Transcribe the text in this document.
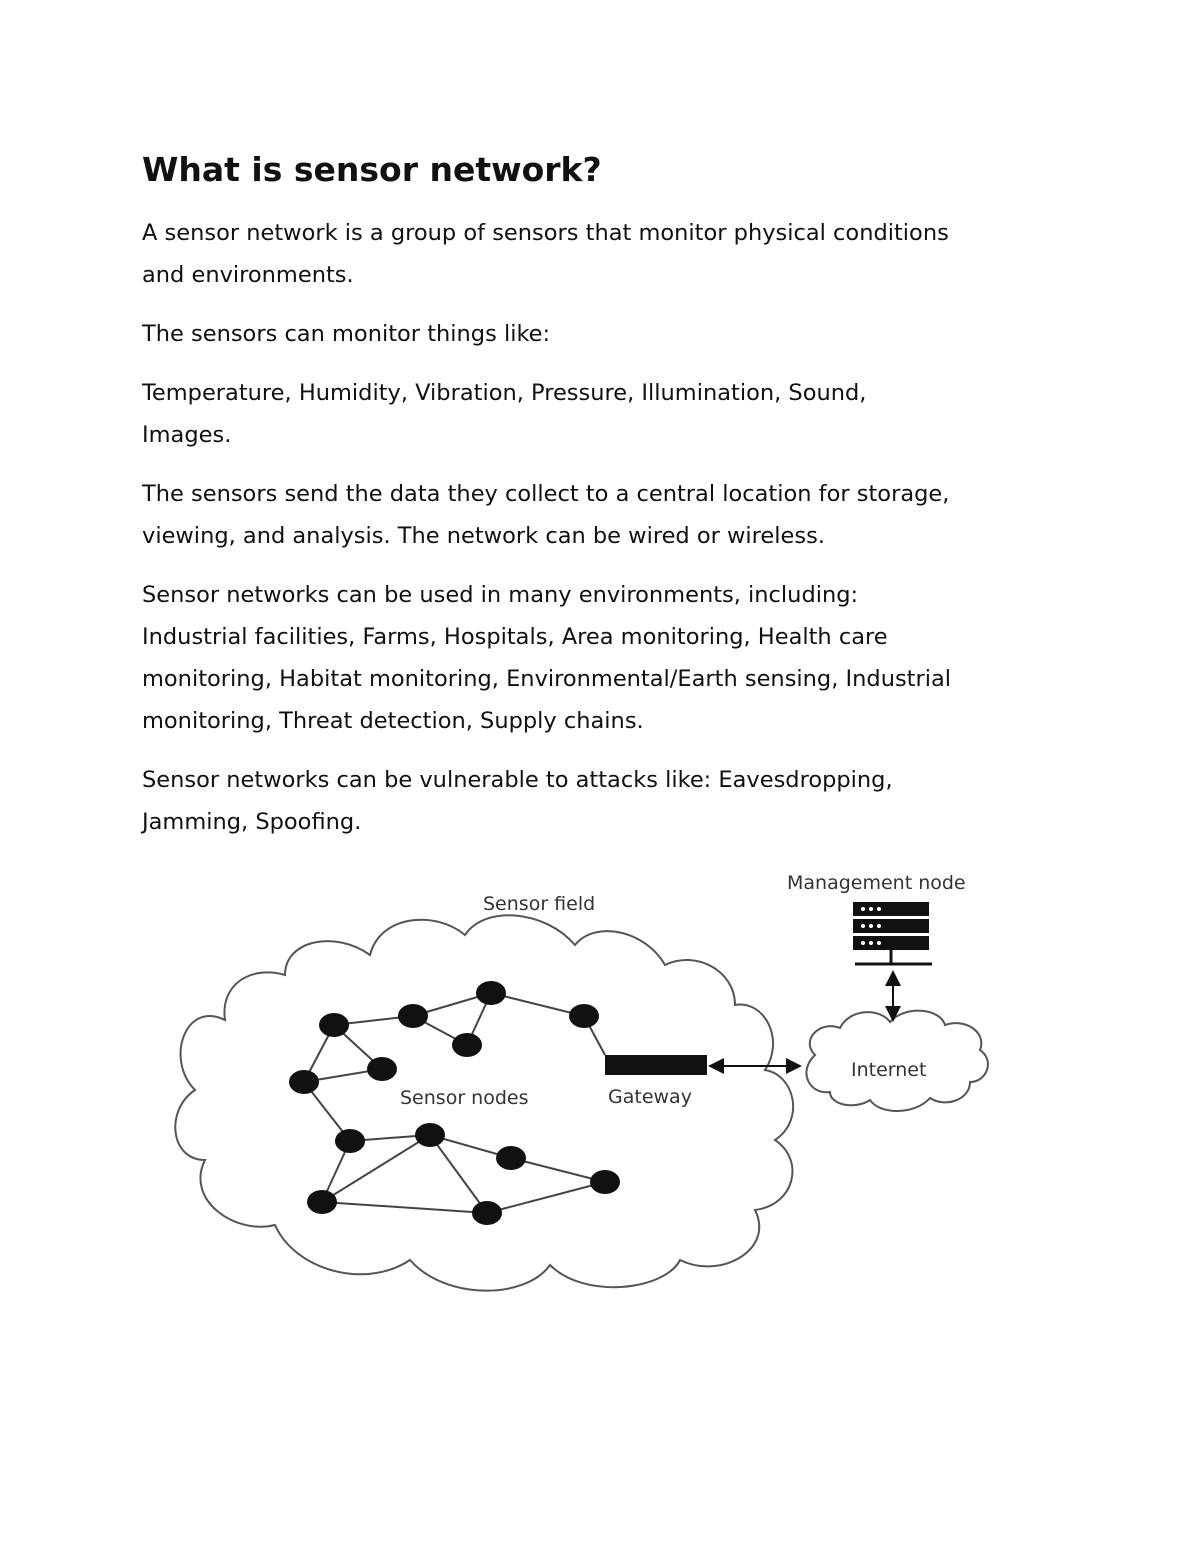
What is sensor network?

A sensor network is a group of sensors that monitor physical conditions
and environments.

The sensors can monitor things like:

Temperature, Humidity, Vibration, Pressure, Illumination, Sound,
Images.

The sensors send the data they collect to a central location for storage,
viewing, and analysis. The network can be wired or wireless.

Sensor networks can be used in many environments, including:
Industrial facilities, Farms, Hospitals, Area monitoring, Health care
monitoring, Habitat monitoring, Environmental/Earth sensing, Industrial
monitoring, Threat detection, Supply chains.

Sensor networks can be vulnerable to attacks like: Eavesdropping,
Jamming, Spoofing.

Sensor field
Sensor nodes	Gateway
Internet
Management node
